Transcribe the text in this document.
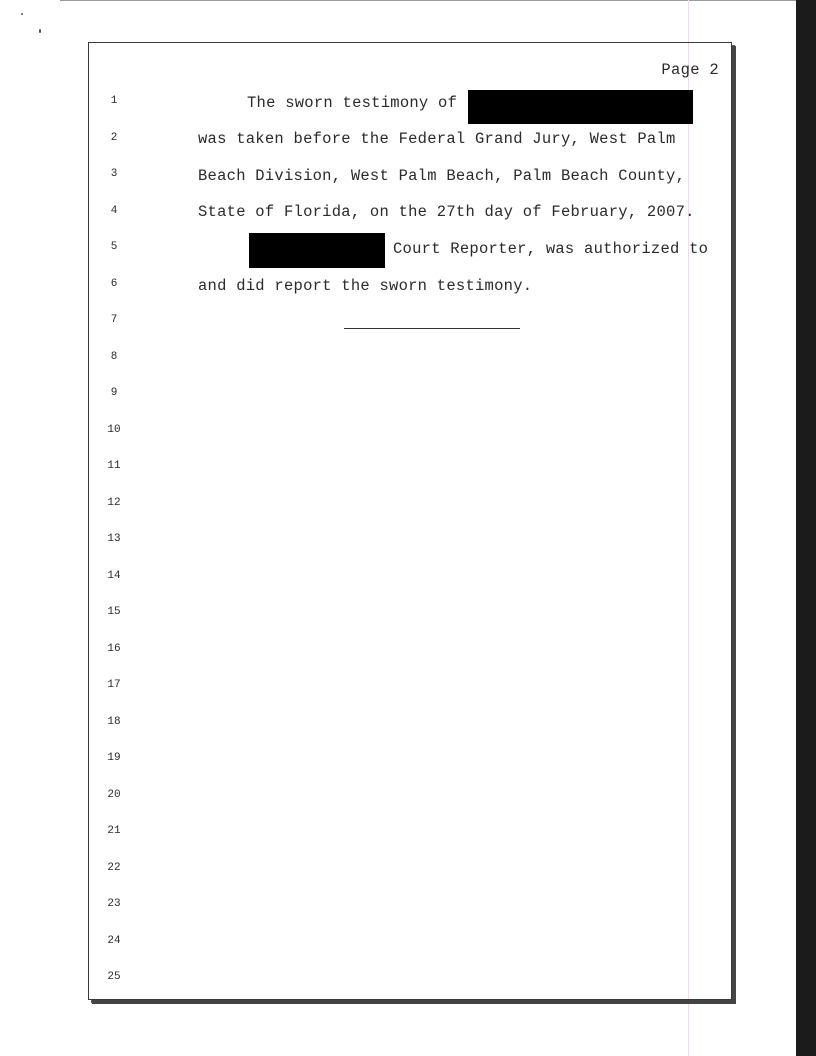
Page 2
1
2
3
4
5
6
7
8
9
10
11
12
13
14
15
16
17
18
19
20
21
22
23
24
25
The sworn testimony of
was taken before the Federal Grand Jury, West Palm
Beach Division, West Palm Beach, Palm Beach County,
State of Florida, on the 27th day of February, 2007.
Court Reporter, was authorized to
and did report the sworn testimony.
